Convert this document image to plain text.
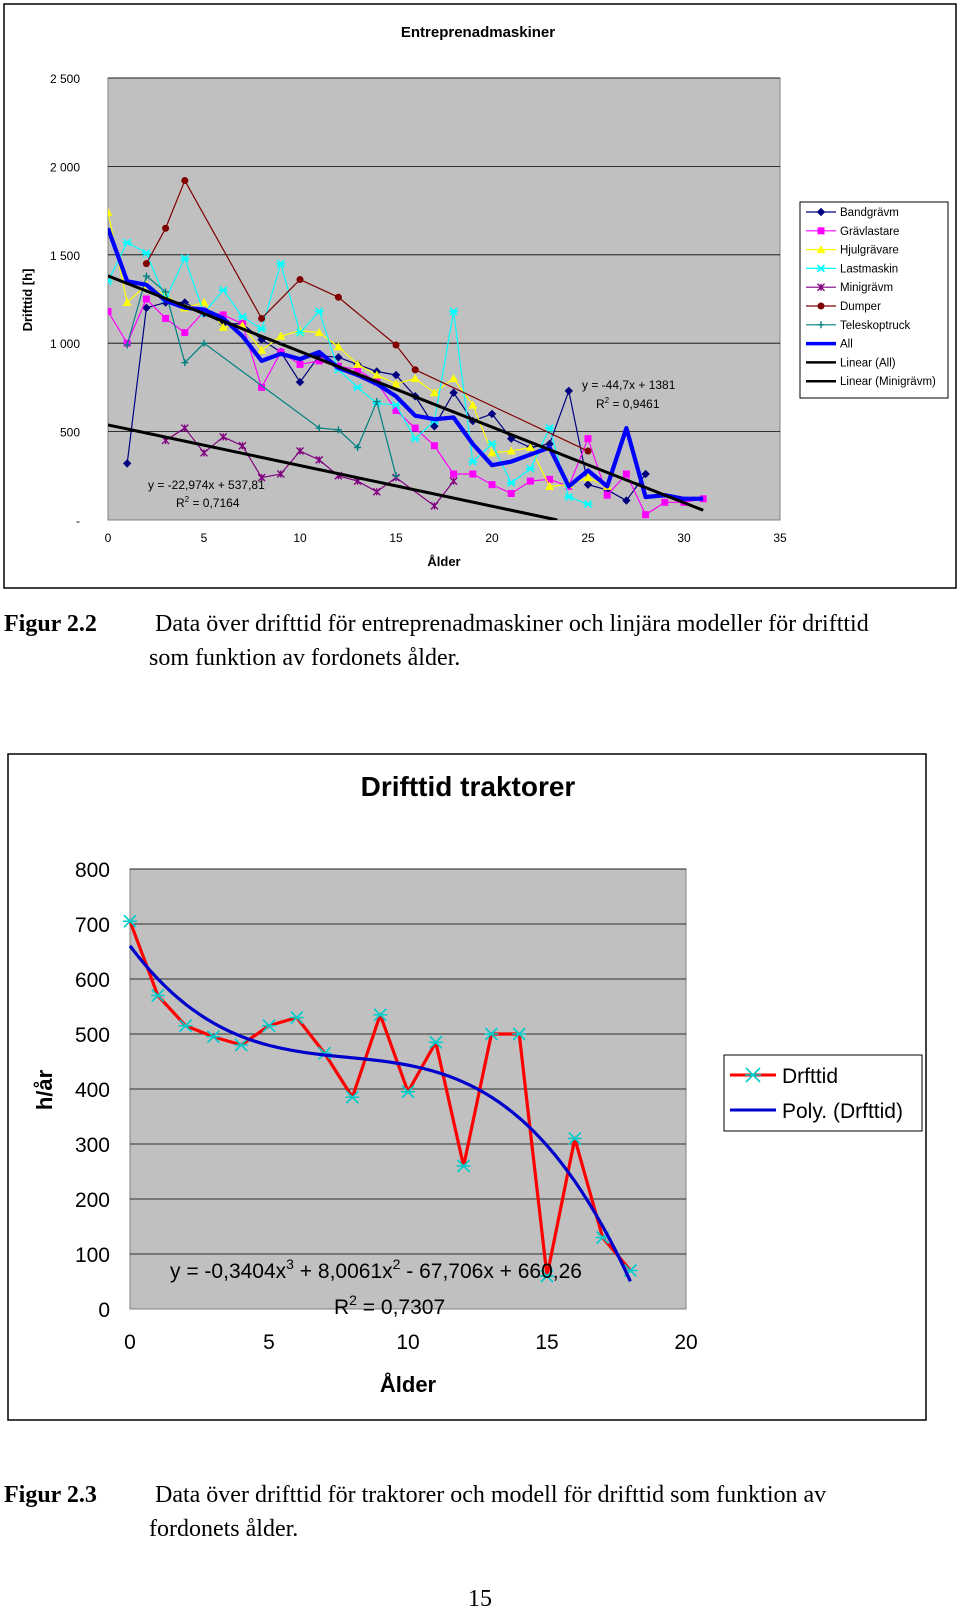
Entreprenadmaskiner
-
500
1 000
1 500
2 000
2 500
0	5	10	15	20	25	30	35
Drifttid [h]
Ålder
y = -44,7x + 1381
$R^2 = 0,9461$
y = -22,974x + 537,81
$R^2 = 0,7164$
Bandgrävm
Grävlastare
Hjulgrävare
Lastmaskin
Minigrävm
Dumper
Teleskoptruck
All
Linear (All)
Linear (Minigrävm)
Figur 2.2 Data över drifttid för entreprenadmaskiner och linjära modeller för drifttid
som funktion av fordonets ålder.
Drifttid traktorer
0
100
200
300
400
500
600
700
800
0	5	10	15	20
h/år
Ålder
$y = -0,3404x^3 + 8,0061x^2 - 67,706x + 660,26$
$R^2 = 0,7307$
Drfttid
Poly. (Drfttid)
Figur 2.3 Data över drifttid för traktorer och modell för drifttid som funktion av
fordonets ålder.
15
